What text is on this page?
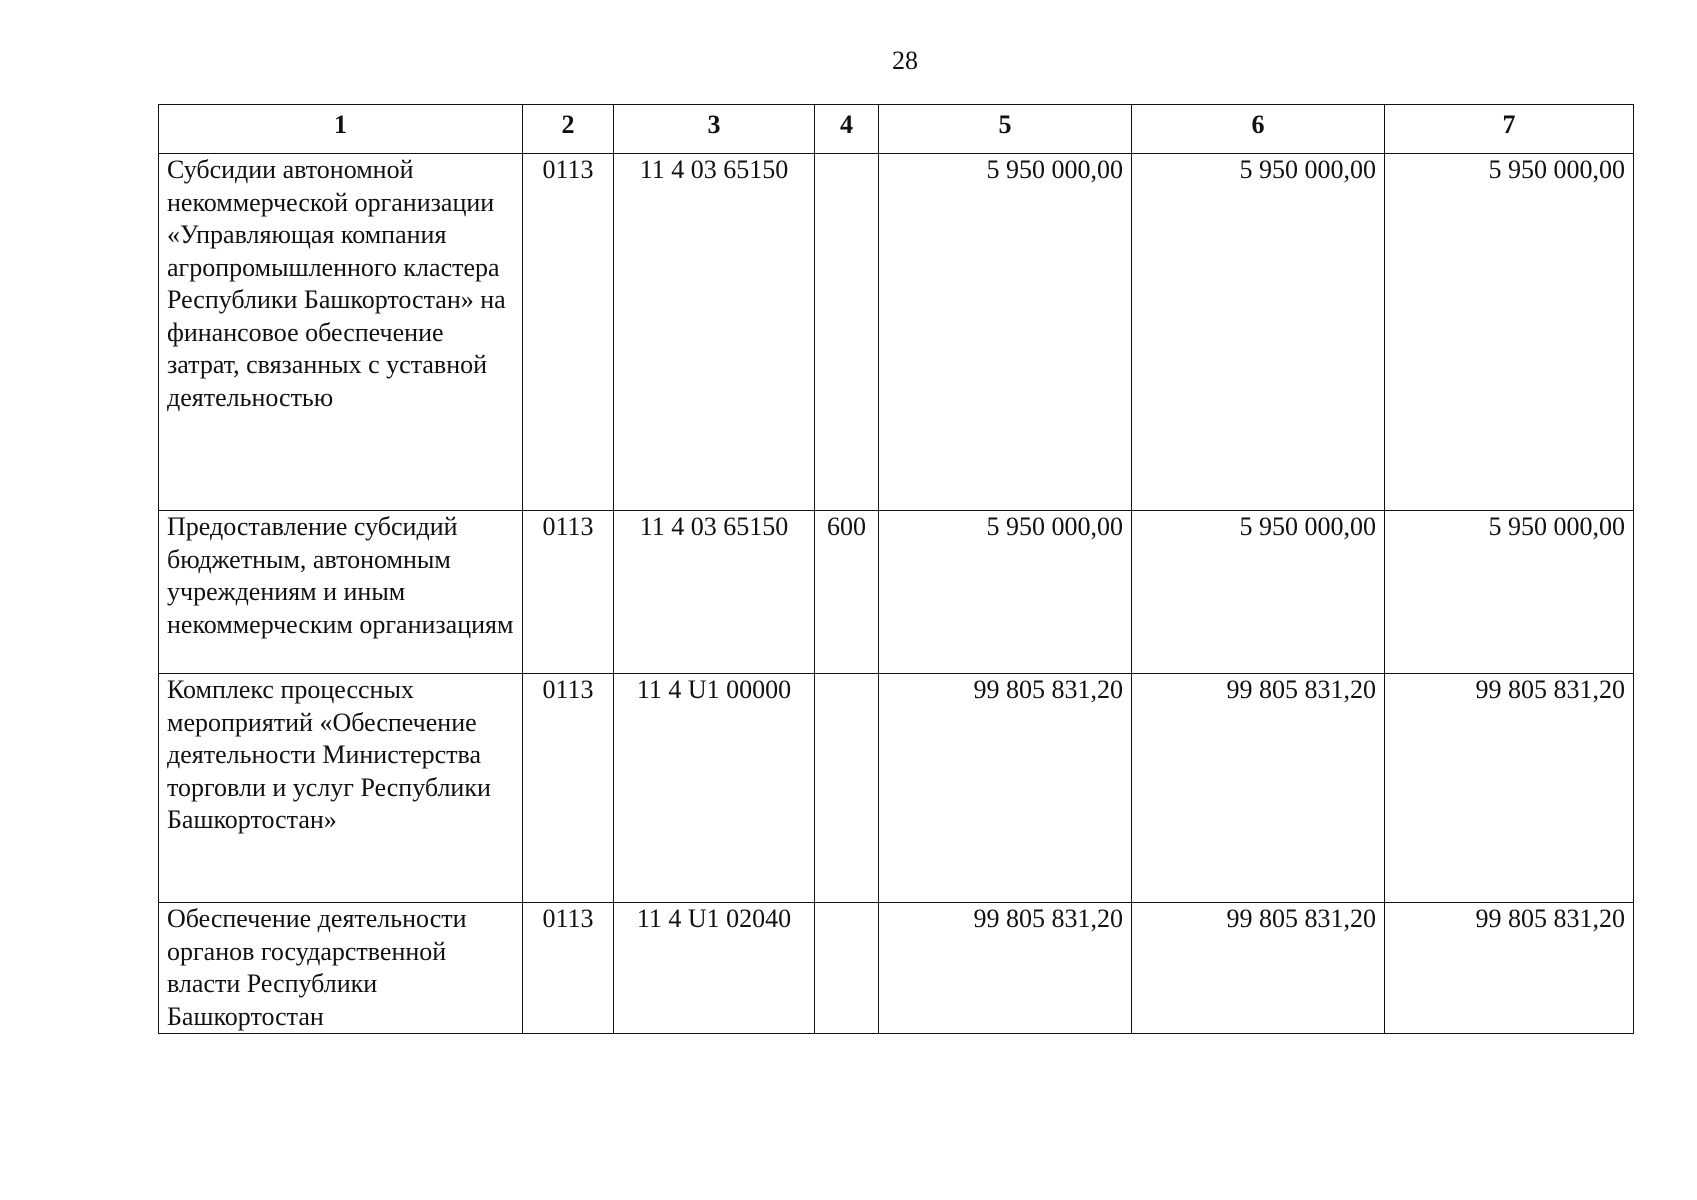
28
1	2	3	4	5	6	7
Субсидии автономной некоммерческой организации «Управляющая компания агропромышленного кластера Республики Башкортостан» на финансовое обеспечение затрат, связанных с уставной деятельностью	0113	11 4 03 65150		5 950 000,00	5 950 000,00	5 950 000,00
Предоставление субсидий бюджетным, автономным учреждениям и иным некоммерческим организациям	0113	11 4 03 65150	600	5 950 000,00	5 950 000,00	5 950 000,00
Комплекс процессных мероприятий «Обеспечение деятельности Министерства торговли и услуг Республики Башкортостан»	0113	11 4 U1 00000		99 805 831,20	99 805 831,20	99 805 831,20
Обеспечение деятельности органов государственной власти Республики Башкортостан	0113	11 4 U1 02040		99 805 831,20	99 805 831,20	99 805 831,20
